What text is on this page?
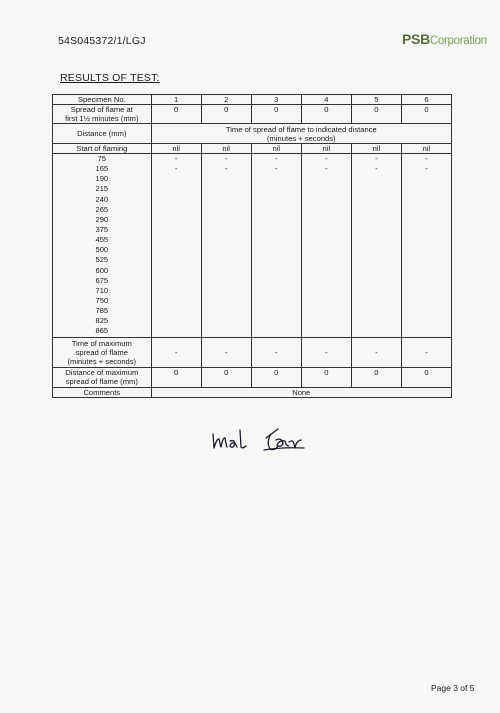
54S045372/1/LGJ	PSBCorporation
RESULTS OF TEST:
Specimen No.	1	2	3	4	5	6
Spread of flame at
first 1½ minutes (mm)	0	0	0	0	0	0
Distance (mm)	Time of spread of flame to indicated distance
(minutes + seconds)					
Start of flaming	nil	nil	nil	nil	nil	nil
75	-	-	-	-	-	-
165	-	-	-	-	-	-
190						
215						
240						
265						
290						
375						
455						
500						
525						
600						
675						
710						
750						
785						
825						
865						
Time of maximum
spread of flame
(minutes + seconds)	-	-	-	-	-	-
Distance of maximum
spread of flame (mm)	0	0	0	0	0	0
Comments	None					
Page 3 of 5
